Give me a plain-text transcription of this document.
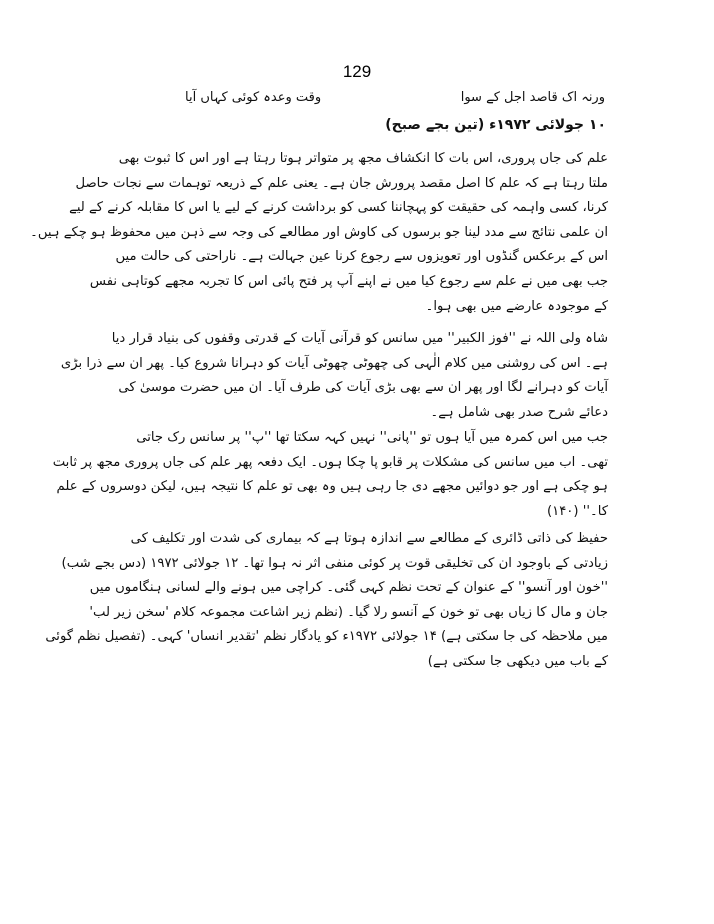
129
ورنہ اک قاصد اجل کے سوا
وقت وعدہ کوئی کہاں آیا
۱۰ جولائی ۱۹۷۲ء (تین بجے صبح)
علم کی جاں پروری، اس بات کا انکشاف مجھ پر متواتر ہوتا رہتا ہے اور اس کا ثبوت بھی
ملتا رہتا ہے کہ علم کا اصل مقصد پرورش جان ہے۔ یعنی علم کے ذریعہ توہمات سے نجات حاصل
کرنا، کسی واہمہ کی حقیقت کو پہچاننا کسی کو برداشت کرنے کے لیے یا اس کا مقابلہ کرنے کے لیے
ان علمی نتائج سے مدد لینا جو برسوں کی کاوش اور مطالعے کی وجہ سے ذہن میں محفوظ ہو چکے ہیں۔
اس کے برعکس گنڈوں اور تعویزوں سے رجوع کرنا عین جہالت ہے۔ ناراحتی کی حالت میں
جب بھی میں نے علم سے رجوع کیا میں نے اپنے آپ پر فتح پائی اس کا تجربہ مجھے کوتاہی نفس
کے موجودہ عارضے میں بھی ہوا۔
شاہ ولی اللہ نے ''فوز الکبیر'' میں سانس کو قرآنی آیات کے قدرتی وقفوں کی بنیاد قرار دیا
ہے۔ اس کی روشنی میں کلام الٰہی کی چھوٹی چھوٹی آیات کو دہرانا شروع کیا۔ پھر ان سے ذرا بڑی
آیات کو دہرانے لگا اور پھر ان سے بھی بڑی آیات کی طرف آیا۔ ان میں حضرت موسیٰ کی
دعائے شرح صدر بھی شامل ہے۔
جب میں اس کمرہ میں آیا ہوں تو ''پانی'' نہیں کہہ سکتا تھا ''پ'' پر سانس رک جاتی
تھی۔ اب میں سانس کی مشکلات پر قابو پا چکا ہوں۔ ایک دفعہ پھر علم کی جاں پروری مجھ پر ثابت
ہو چکی ہے اور جو دوائیں مجھے دی جا رہی ہیں وہ بھی تو علم کا نتیجہ ہیں، لیکن دوسروں کے علم
کا۔'' (۱۴۰)
حفیظ کی ذاتی ڈائری کے مطالعے سے اندازہ ہوتا ہے کہ بیماری کی شدت اور تکلیف کی
زیادتی کے باوجود ان کی تخلیقی قوت پر کوئی منفی اثر نہ ہوا تھا۔ ۱۲ جولائی ۱۹۷۲ (دس بجے شب)
''خون اور آنسو'' کے عنوان کے تحت نظم کہی گئی۔ کراچی میں ہونے والے لسانی ہنگاموں میں
جان و مال کا زیاں بھی تو خون کے آنسو رلا گیا۔ (نظم زیر اشاعت مجموعہ کلام 'سخن زیر لب'
میں ملاحظہ کی جا سکتی ہے) ۱۴ جولائی ۱۹۷۲ء کو یادگار نظم 'تقدیر انساں' کہی۔ (تفصیل نظم گوئی
کے باب میں دیکھی جا سکتی ہے)
